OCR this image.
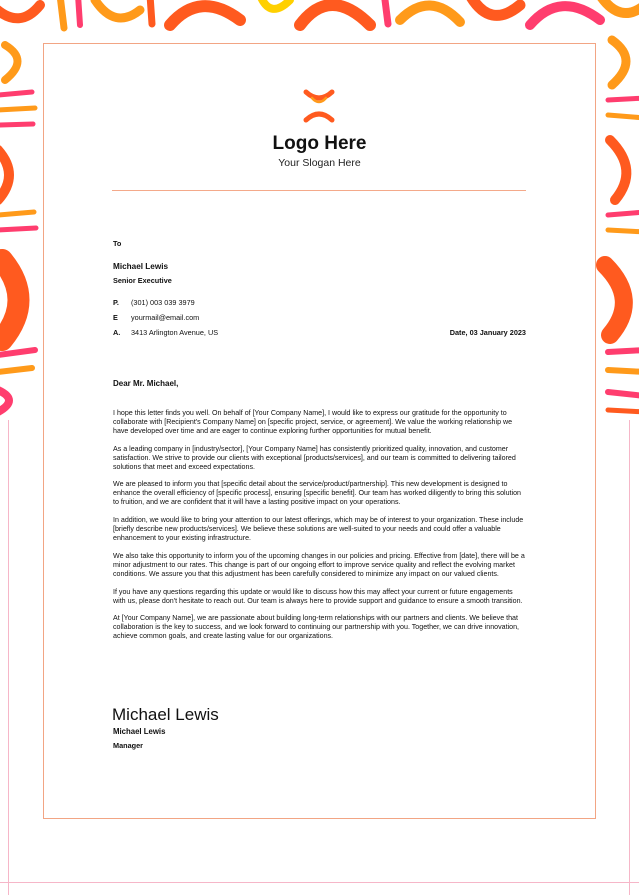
Logo Here
Your Slogan Here
To
Michael Lewis
Senior Executive
P. (301) 003 039 3979
E yourmail@email.com
A. 3413 Arlington Avenue, US	Date, 03 January 2023
Dear Mr. Michael,

I hope this letter finds you well. On behalf of [Your Company Name], I would like to express our gratitude for the opportunity to collaborate with [Recipient's Company Name] on [specific project, service, or agreement]. We value the working relationship we have developed over time and are eager to continue exploring further opportunities for mutual benefit.

As a leading company in [industry/sector], [Your Company Name] has consistently prioritized quality, innovation, and customer satisfaction. We strive to provide our clients with exceptional [products/services], and our team is committed to delivering tailored solutions that meet and exceed expectations.

We are pleased to inform you that [specific detail about the service/product/partnership]. This new development is designed to enhance the overall efficiency of [specific process], ensuring [specific benefit]. Our team has worked diligently to bring this solution to fruition, and we are confident that it will have a lasting positive impact on your operations.

In addition, we would like to bring your attention to our latest offerings, which may be of interest to your organization. These include [briefly describe new products/services]. We believe these solutions are well-suited to your needs and could offer a valuable enhancement to your existing infrastructure.

We also take this opportunity to inform you of the upcoming changes in our policies and pricing. Effective from [date], there will be a minor adjustment to our rates. This change is part of our ongoing effort to improve service quality and reflect the evolving market conditions. We assure you that this adjustment has been carefully considered to minimize any impact on our valued clients.

If you have any questions regarding this update or would like to discuss how this may affect your current or future engagements with us, please don't hesitate to reach out. Our team is always here to provide support and guidance to ensure a smooth transition.

At [Your Company Name], we are passionate about building long-term relationships with our partners and clients. We believe that collaboration is the key to success, and we look forward to continuing our partnership with you. Together, we can drive innovation, achieve common goals, and create lasting value for our organizations.

Michael Lewis
Michael Lewis
Manager
